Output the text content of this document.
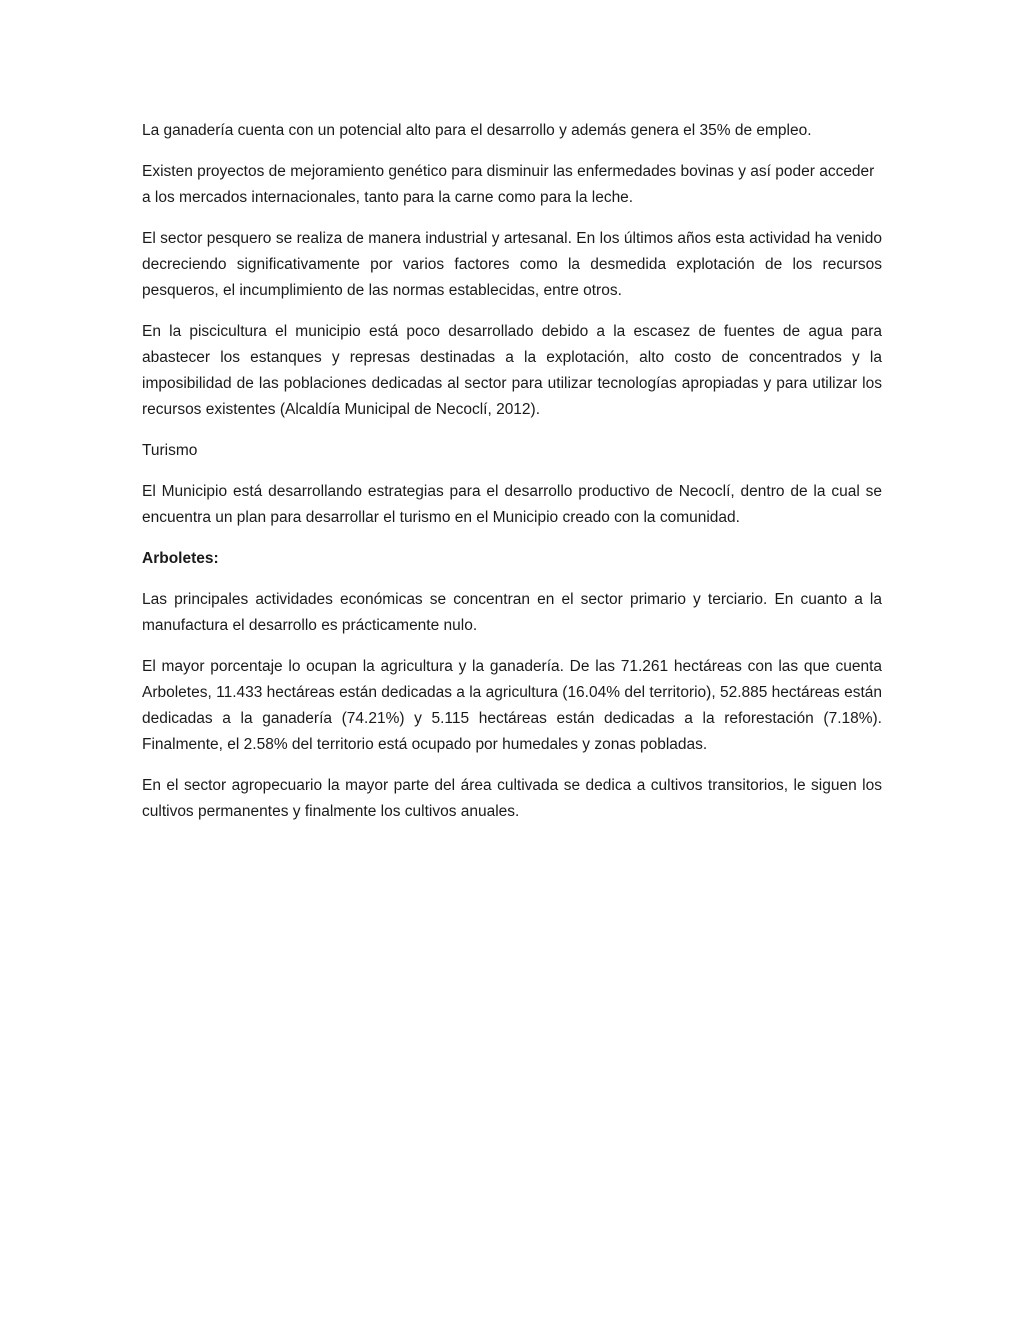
La ganadería cuenta con un potencial alto para el desarrollo y además genera el 35% de empleo.

Existen proyectos de mejoramiento genético para disminuir las enfermedades bovinas y así poder acceder a los mercados internacionales, tanto para la carne como para la leche.

El sector pesquero se realiza de manera industrial y artesanal. En los últimos años esta actividad ha venido decreciendo significativamente por varios factores como la desmedida explotación de los recursos pesqueros, el incumplimiento de las normas establecidas, entre otros.

En la piscicultura el municipio está poco desarrollado debido a la escasez de fuentes de agua para abastecer los estanques y represas destinadas a la explotación, alto costo de concentrados y la imposibilidad de las poblaciones dedicadas al sector para utilizar tecnologías apropiadas y para utilizar los recursos existentes (Alcaldía Municipal de Necoclí, 2012).

Turismo

El Municipio está desarrollando estrategias para el desarrollo productivo de Necoclí, dentro de la cual se encuentra un plan para desarrollar el turismo en el Municipio creado con la comunidad.

Arboletes:

Las principales actividades económicas se concentran en el sector primario y terciario. En cuanto a la manufactura el desarrollo es prácticamente nulo.

El mayor porcentaje lo ocupan la agricultura y la ganadería. De las 71.261 hectáreas con las que cuenta Arboletes, 11.433 hectáreas están dedicadas a la agricultura (16.04% del territorio), 52.885 hectáreas están dedicadas a la ganadería (74.21%) y 5.115 hectáreas están dedicadas a la reforestación (7.18%). Finalmente, el 2.58% del territorio está ocupado por humedales y zonas pobladas.

En el sector agropecuario la mayor parte del área cultivada se dedica a cultivos transitorios, le siguen los cultivos permanentes y finalmente los cultivos anuales.
